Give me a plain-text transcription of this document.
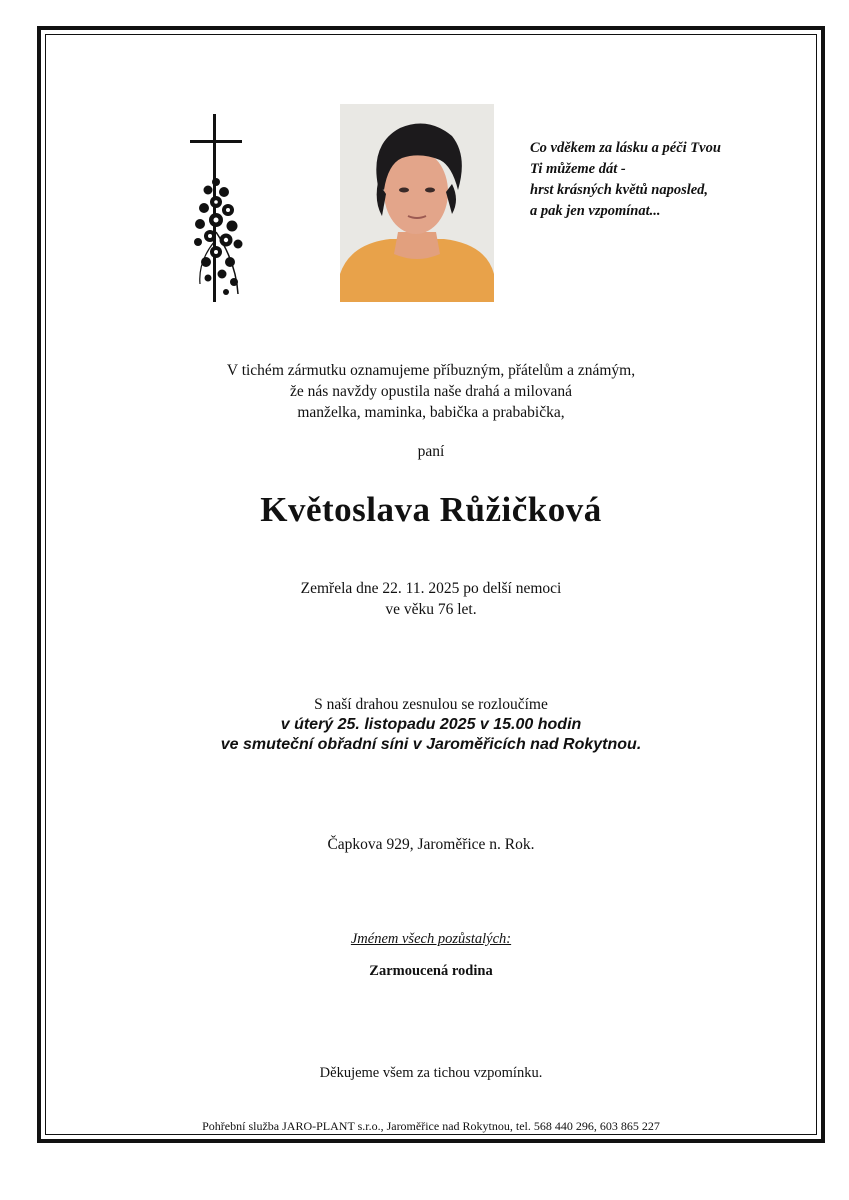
Co vděkem za lásku a péči Tvou
Ti můžeme dát -
hrst krásných květů naposled,
a pak jen vzpomínat...
V tichém zármutku oznamujeme příbuzným, přátelům a známým,
že nás navždy opustila naše drahá a milovaná
manželka, maminka, babička a prababička,
paní
Květoslava Růžičková
Zemřela dne 22. 11. 2025 po delší nemoci
ve věku 76 let.
S naší drahou zesnulou se rozloučíme
v úterý 25. listopadu 2025 v 15.00 hodin
ve smuteční obřadní síni v Jaroměřicích nad Rokytnou.
Čapkova 929, Jaroměřice n. Rok.
Jménem všech pozůstalých:
Zarmoucená rodina
Děkujeme všem za tichou vzpomínku.
Pohřební služba JARO-PLANT s.r.o., Jaroměřice nad Rokytnou, tel. 568 440 296, 603 865 227
